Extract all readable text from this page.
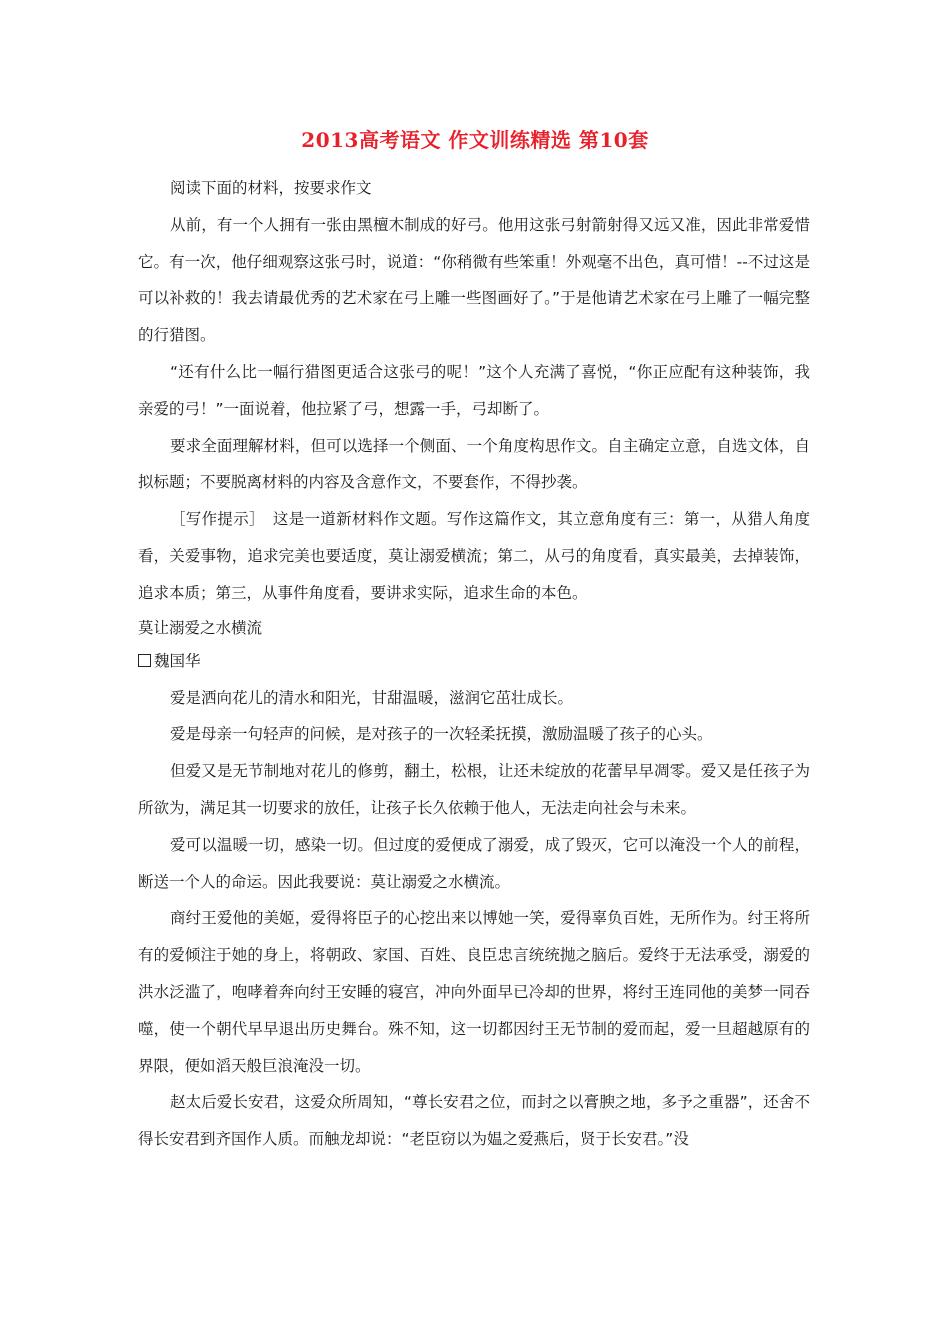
2013高考语文 作文训练精选 第10套

阅读下面的材料，按要求作文

从前，有一个人拥有一张由黑檀木制成的好弓。他用这张弓射箭射得又远又准，因此非常爱惜它。有一次，他仔细观察这张弓时，说道：“你稍微有些笨重！外观毫不出色，真可惜！--不过这是可以补救的！我去请最优秀的艺术家在弓上雕一些图画好了。”于是他请艺术家在弓上雕了一幅完整的行猎图。

“还有什么比一幅行猎图更适合这张弓的呢！”这个人充满了喜悦，“你正应配有这种装饰，我亲爱的弓！”一面说着，他拉紧了弓，想露一手，弓却断了。

要求全面理解材料，但可以选择一个侧面、一个角度构思作文。自主确定立意，自选文体，自拟标题；不要脱离材料的内容及含意作文，不要套作，不得抄袭。

［写作提示］　这是一道新材料作文题。写作这篇作文，其立意角度有三：第一，从猎人角度看，关爱事物，追求完美也要适度，莫让溺爱横流；第二，从弓的角度看，真实最美，去掉装饰，追求本质；第三，从事件角度看，要讲求实际，追求生命的本色。

莫让溺爱之水横流

魏国华

爱是洒向花儿的清水和阳光，甘甜温暖，滋润它茁壮成长。

爱是母亲一句轻声的问候，是对孩子的一次轻柔抚摸，激励温暖了孩子的心头。

但爱又是无节制地对花儿的修剪，翻土，松根，让还未绽放的花蕾早早凋零。爱又是任孩子为所欲为，满足其一切要求的放任，让孩子长久依赖于他人，无法走向社会与未来。

爱可以温暖一切，感染一切。但过度的爱便成了溺爱，成了毁灭，它可以淹没一个人的前程，断送一个人的命运。因此我要说：莫让溺爱之水横流。

商纣王爱他的美姬，爱得将臣子的心挖出来以博她一笑，爱得辜负百姓，无所作为。纣王将所有的爱倾注于她的身上，将朝政、家国、百姓、良臣忠言统统抛之脑后。爱终于无法承受，溺爱的洪水泛滥了，咆哮着奔向纣王安睡的寝宫，冲向外面早已冷却的世界，将纣王连同他的美梦一同吞噬，使一个朝代早早退出历史舞台。殊不知，这一切都因纣王无节制的爱而起，爱一旦超越原有的界限，便如滔天般巨浪淹没一切。

赵太后爱长安君，这爱众所周知，“尊长安君之位，而封之以膏腴之地，多予之重器”，还舍不得长安君到齐国作人质。而触龙却说：“老臣窃以为媪之爱燕后，贤于长安君。”没
